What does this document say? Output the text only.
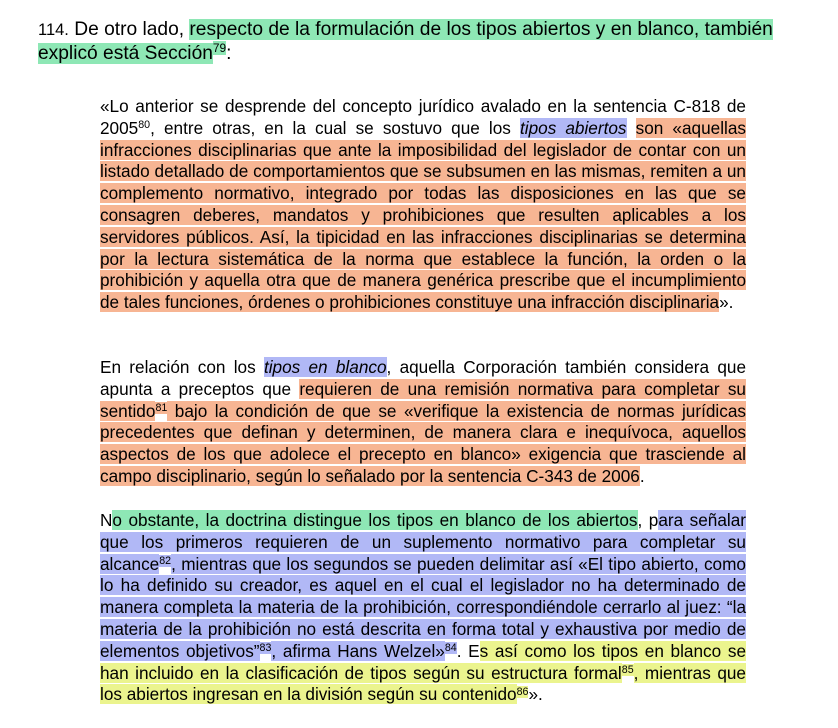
114. De otro lado, respecto de la formulación de los tipos abiertos y en blanco, también explicó está Sección$^{79}$:

«Lo anterior se desprende del concepto jurídico avalado en la sentencia C-818 de 2005$^{80}$, entre otras, en la cual se sostuvo que los tipos abiertos son «aquellas infracciones disciplinarias que ante la imposibilidad del legislador de contar con un listado detallado de comportamientos que se subsumen en las mismas, remiten a un complemento normativo, integrado por todas las disposiciones en las que se consagren deberes, mandatos y prohibiciones que resulten aplicables a los servidores públicos. Así, la tipicidad en las infracciones disciplinarias se determina por la lectura sistemática de la norma que establece la función, la orden o la prohibición y aquella otra que de manera genérica prescribe que el incumplimiento de tales funciones, órdenes o prohibiciones constituye una infracción disciplinaria».

En relación con los tipos en blanco, aquella Corporación también considera que apunta a preceptos que requieren de una remisión normativa para completar su sentido$^{81}$ bajo la condición de que se «verifique la existencia de normas jurídicas precedentes que definan y determinen, de manera clara e inequívoca, aquellos aspectos de los que adolece el precepto en blanco» exigencia que trasciende al campo disciplinario, según lo señalado por la sentencia C-343 de 2006.

No obstante, la doctrina distingue los tipos en blanco de los abiertos, para señalar que los primeros requieren de un suplemento normativo para completar su alcance$^{82}$, mientras que los segundos se pueden delimitar así «El tipo abierto, como lo ha definido su creador, es aquel en el cual el legislador no ha determinado de manera completa la materia de la prohibición, correspondiéndole cerrarlo al juez: “la materia de la prohibición no está descrita en forma total y exhaustiva por medio de elementos objetivos”$^{83}$, afirma Hans Welzel»$^{84}$. Es así como los tipos en blanco se han incluido en la clasificación de tipos según su estructura formal$^{85}$, mientras que los abiertos ingresan en la división según su contenido$^{86}$».
